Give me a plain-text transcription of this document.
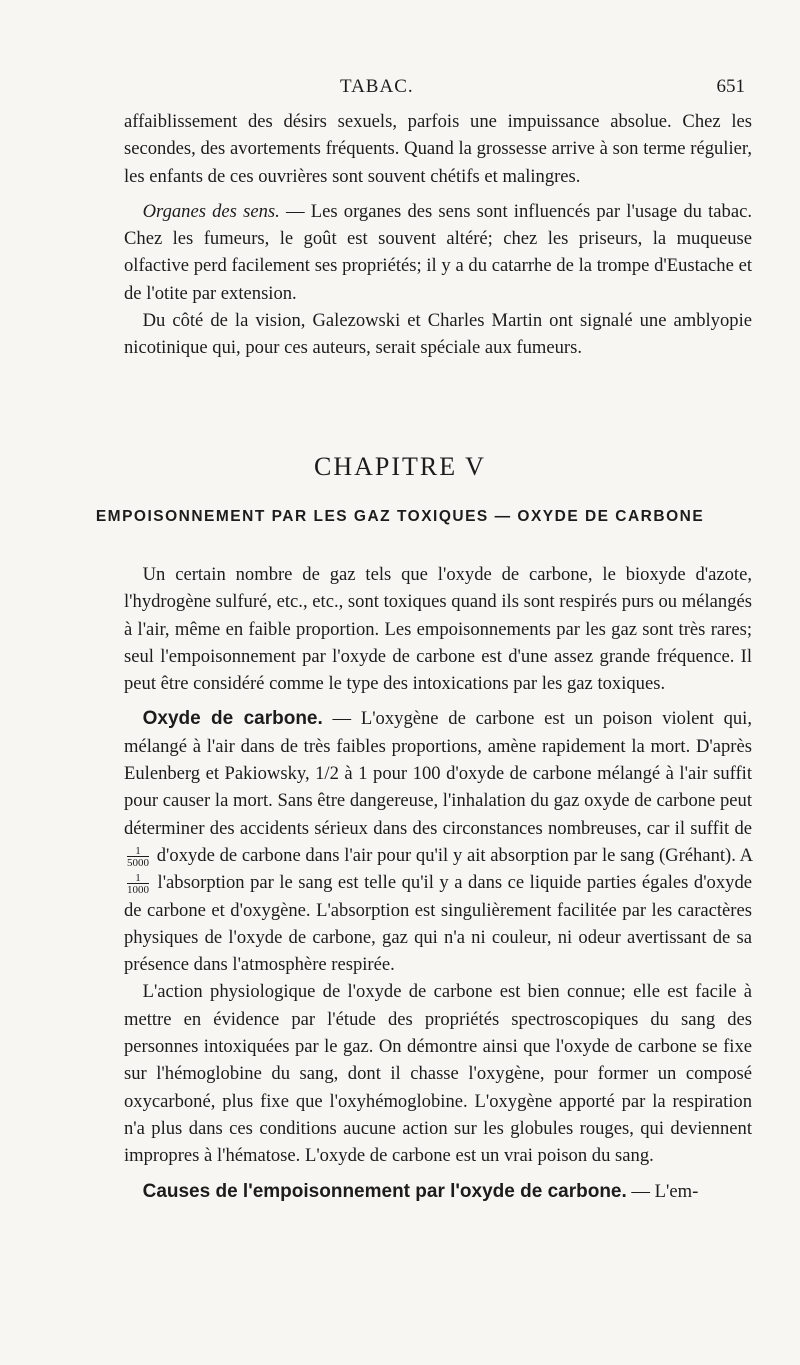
TABAC.	651

affaiblissement des désirs sexuels, parfois une impuissance absolue. Chez les secondes, des avortements fréquents. Quand la grossesse arrive à son terme régulier, les enfants de ces ouvrières sont souvent chétifs et malingres.

 Organes des sens. — Les organes des sens sont influencés par l'usage du tabac. Chez les fumeurs, le goût est souvent altéré; chez les priseurs, la muqueuse olfactive perd facilement ses propriétés; il y a du catarrhe de la trompe d'Eustache et de l'otite par extension.

 Du côté de la vision, Galezowski et Charles Martin ont signalé une amblyopie nicotinique qui, pour ces auteurs, serait spéciale aux fumeurs.

CHAPITRE V
EMPOISONNEMENT PAR LES GAZ TOXIQUES — OXYDE DE CARBONE

 Un certain nombre de gaz tels que l'oxyde de carbone, le bioxyde d'azote, l'hydrogène sulfuré, etc., etc., sont toxiques quand ils sont respirés purs ou mélangés à l'air, même en faible proportion. Les empoisonnements par les gaz sont très rares; seul l'empoisonnement par l'oxyde de carbone est d'une assez grande fréquence. Il peut être considéré comme le type des intoxications par les gaz toxiques.

 Oxyde de carbone. — L'oxygène de carbone est un poison violent qui, mélangé à l'air dans de très faibles proportions, amène rapidement la mort. D'après Eulenberg et Pakiowsky, 1/2 à 1 pour 100 d'oxyde de carbone mélangé à l'air suffit pour causer la mort. Sans être dangereuse, l'inhalation du gaz oxyde de carbone peut déterminer des accidents sérieux dans des circonstances nombreuses, car il suffit de
$\frac{1}{5000}$ d'oxyde de carbone dans l'air pour qu'il y ait absorption par le sang (Gréhant). A
$\frac{1}{1000}$ l'absorption par le sang est telle qu'il y a dans ce liquide parties égales d'oxyde de carbone et d'oxygène. L'absorption est singulièrement facilitée par les caractères physiques de l'oxyde de carbone, gaz qui n'a ni couleur, ni odeur avertissant de sa présence dans l'atmosphère respirée.

 L'action physiologique de l'oxyde de carbone est bien connue; elle est facile à mettre en évidence par l'étude des propriétés spectroscopiques du sang des personnes intoxiquées par le gaz. On démontre ainsi que l'oxyde de carbone se fixe sur l'hémoglobine du sang, dont il chasse l'oxygène, pour former un composé oxycarboné, plus fixe que l'oxyhémoglobine. L'oxygène apporté par la respiration n'a plus dans ces conditions aucune action sur les globules rouges, qui deviennent impropres à l'hématose. L'oxyde de carbone est un vrai poison du sang.

 Causes de l'empoisonnement par l'oxyde de carbone. — L'em-
